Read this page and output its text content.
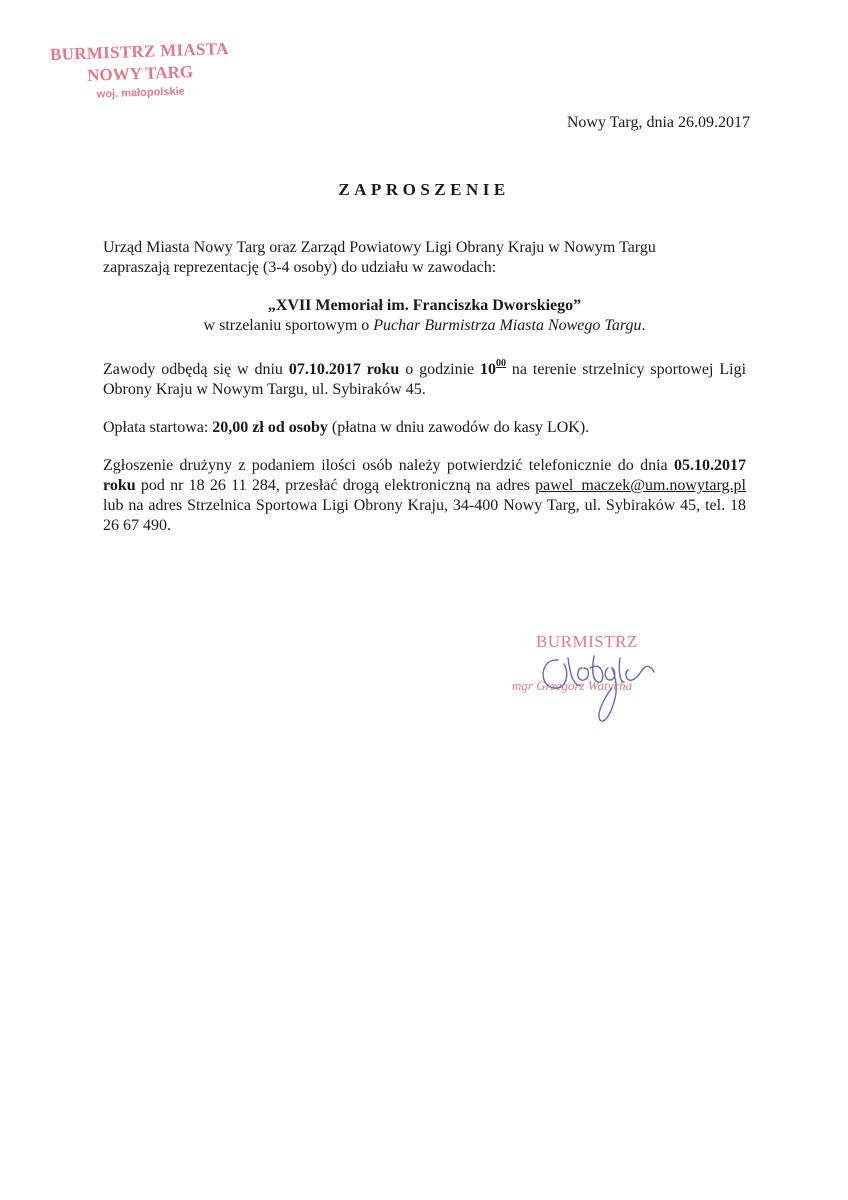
BURMISTRZ MIASTA
NOWY TARG
woj. małopolskie
Nowy Targ, dnia 26.09.2017
ZAPROSZENIE

Urząd Miasta Nowy Targ oraz Zarząd Powiatowy Ligi Obrany Kraju w Nowym Targu
zapraszają reprezentację (3-4 osoby) do udziału w zawodach:

„XVII Memoriał im. Franciszka Dworskiego”
w strzelaniu sportowym o Puchar Burmistrza Miasta Nowego Targu.

Zawody odbędą się w dniu 07.10.2017 roku o godzinie $10^{00}$ na terenie strzelnicy sportowej Ligi Obrony Kraju w Nowym Targu, ul. Sybiraków 45.

Opłata startowa: 20,00 zł od osoby (płatna w dniu zawodów do kasy LOK).

Zgłoszenie drużyny z podaniem ilości osób należy potwierdzić telefonicznie do dnia 05.10.2017 roku pod nr 18 26 11 284, przesłać drogą elektroniczną na adres pawel_maczek@um.nowytarg.pl lub na adres Strzelnica Sportowa Ligi Obrony Kraju, 34-400 Nowy Targ, ul. Sybiraków 45, tel. 18 26 67 490.

BURMISTRZ
mgr Grzegorz Watycha
